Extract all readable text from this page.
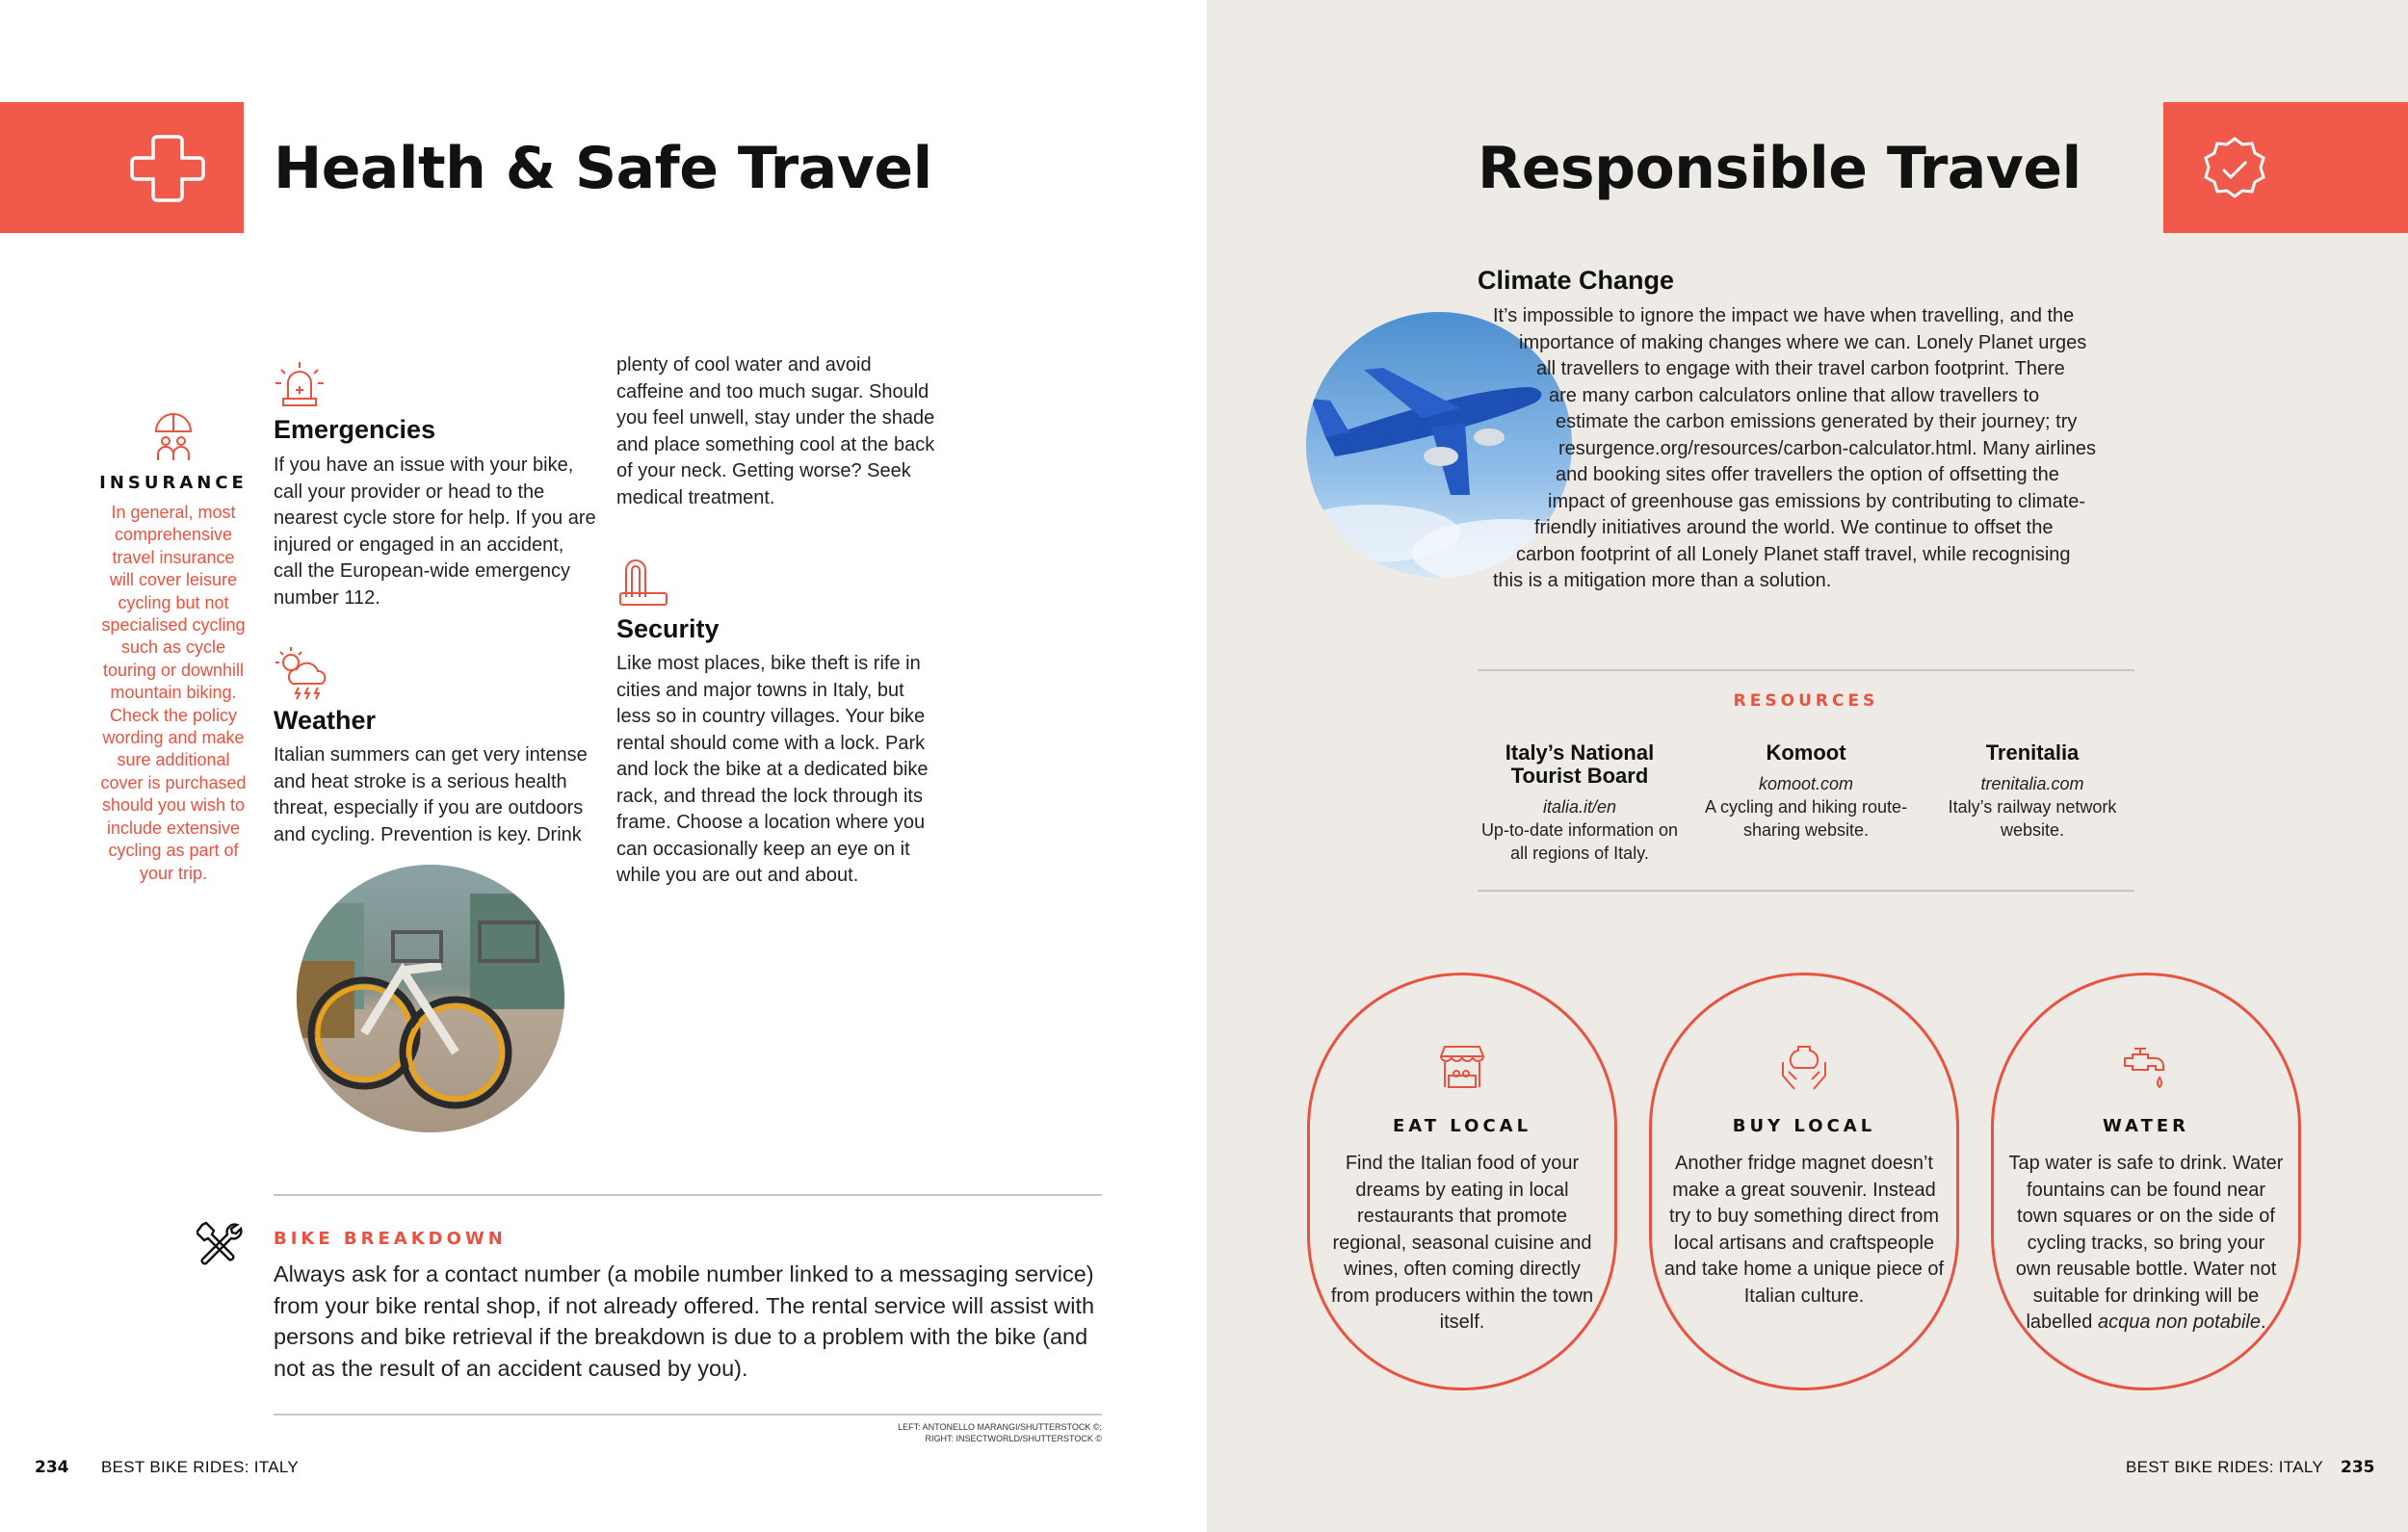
Health & Safe Travel
INSURANCE
In general, most
comprehensive
travel insurance
will cover leisure
cycling but not
specialised cycling
such as cycle
touring or downhill
mountain biking.
Check the policy
wording and make
sure additional
cover is purchased
should you wish to
include extensive
cycling as part of
your trip.
Emergencies
If you have an issue with your bike,
call your provider or head to the
nearest cycle store for help. If you are
injured or engaged in an accident,
call the European-wide emergency
number 112.
Weather
Italian summers can get very intense
and heat stroke is a serious health
threat, especially if you are outdoors
and cycling. Prevention is key. Drink
plenty of cool water and avoid
caffeine and too much sugar. Should
you feel unwell, stay under the shade
and place something cool at the back
of your neck. Getting worse? Seek
medical treatment.
Security
Like most places, bike theft is rife in
cities and major towns in Italy, but
less so in country villages. Your bike
rental should come with a lock. Park
and lock the bike at a dedicated bike
rack, and thread the lock through its
frame. Choose a location where you
can occasionally keep an eye on it
while you are out and about.
BIKE BREAKDOWN
Always ask for a contact number (a mobile number linked to a messaging service)
from your bike rental shop, if not already offered. The rental service will assist with
persons and bike retrieval if the breakdown is due to a problem with the bike (and
not as the result of an accident caused by you).
LEFT: ANTONELLO MARANGI/SHUTTERSTOCK ©;
RIGHT: INSECTWORLD/SHUTTERSTOCK ©
234 BEST BIKE RIDES: ITALY
Responsible Travel
Climate Change
It’s impossible to ignore the impact we have when travelling, and the
importance of making changes where we can. Lonely Planet urges
all travellers to engage with their travel carbon footprint. There
are many carbon calculators online that allow travellers to
estimate the carbon emissions generated by their journey; try
resurgence.org/resources/carbon-calculator.html. Many airlines
and booking sites offer travellers the option of offsetting the
impact of greenhouse gas emissions by contributing to climate-
friendly initiatives around the world. We continue to offset the
carbon footprint of all Lonely Planet staff travel, while recognising
this is a mitigation more than a solution.
RESOURCES
Italy’s National
Tourist Board
italia.it/en
Up-to-date information on
all regions of Italy.
Komoot
komoot.com
A cycling and hiking route-
sharing website.
Trenitalia
trenitalia.com
Italy’s railway network
website.
EAT LOCAL
Find the Italian food of your
dreams by eating in local
restaurants that promote
regional, seasonal cuisine and
wines, often coming directly
from producers within the town
itself.
BUY LOCAL
Another fridge magnet doesn’t
make a great souvenir. Instead
try to buy something direct from
local artisans and craftspeople
and take home a unique piece of
Italian culture.
WATER
Tap water is safe to drink. Water
fountains can be found near
town squares or on the side of
cycling tracks, so bring your
own reusable bottle. Water not
suitable for drinking will be
labelled acqua non potabile.
BEST BIKE RIDES: ITALY 235
